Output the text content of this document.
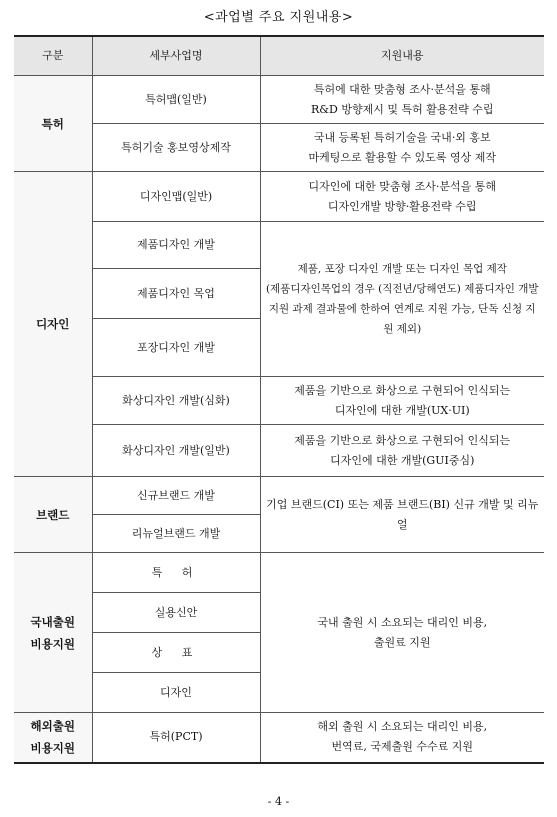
<과업별 주요 지원내용>
구분	세부사업명	지원내용
특허	특허맵(일반)	특허에 대한 맞춤형 조사·분석을 통해
R&D 방향제시 및 특허 활용전략 수립

	특허기술 홍보영상제작	국내 등록된 특허기술을 국내·외 홍보
마케팅으로 활용할 수 있도록 영상 제작

디자인	디자인맵(일반)	디자인에 대한 맞춤형 조사·분석을 통해
디자인개발 방향·활용전략 수립

	제품디자인 개발	제품, 포장 디자인 개발 또는 디자인 목업 제작
(제품디자인목업의 경우 (직전년/당해연도) 제품디자인 개발 지원 과제 결과물에 한하여 연계로 지원 가능, 단독 신청 지원 제외)

	제품디자인 목업	
	포장디자인 개발	
	화상디자인 개발(심화)	제품을 기반으로 화상으로 구현되어 인식되는
디자인에 대한 개발(UX·UI)

	화상디자인 개발(일반)	제품을 기반으로 화상으로 구현되어 인식되는
디자인에 대한 개발(GUI중심)

브랜드	신규브랜드 개발	기업 브랜드(CI) 또는 제품 브랜드(BI) 신규 개발 및 리뉴얼
	리뉴얼브랜드 개발	

국내출원
비용지원	특 허	국내 출원 시 소요되는 대리인 비용,
출원료 지원

	실용신안	
	상 표	
	디자인	

해외출원
비용지원	특허(PCT)	해외 출원 시 소요되는 대리인 비용,
번역료, 국제출원 수수료 지원
- 4 -
